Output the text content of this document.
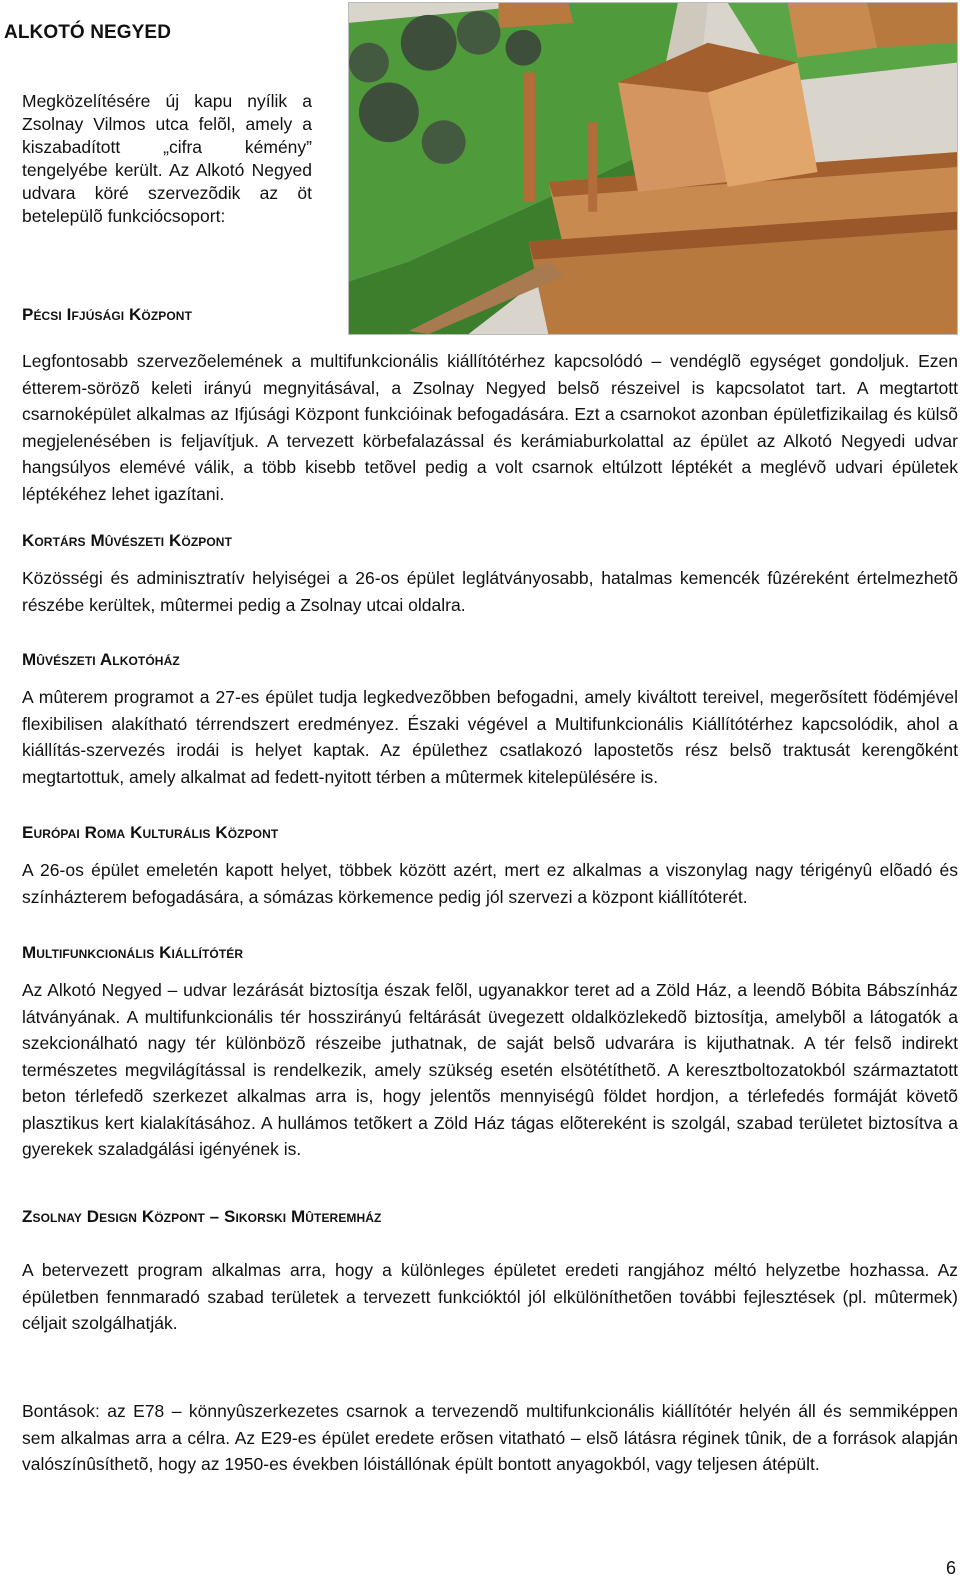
ALKOTÓ NEGYED
Megközelítésére új kapu nyílik a Zsolnay Vilmos utca felõl, amely a kiszabadított „cifra kémény” tengelyébe került. Az Alkotó Negyed udvara köré szervezõdik az öt betelepülõ funkciócsoport:
Pécsi Ifjúsági Központ

Legfontosabb szervezõelemének a multifunkcionális kiállítótérhez kapcsolódó – vendéglõ egységet gondoljuk. Ezen étterem-sörözõ keleti irányú megnyitásával, a Zsolnay Negyed belsõ részeivel is kapcsolatot tart. A megtartott csarnoképület alkalmas az Ifjúsági Központ funkcióinak befogadására. Ezt a csarnokot azonban épületfizikailag és külsõ megjelenésében is feljavítjuk. A tervezett körbefalazással és kerámiaburkolattal az épület az Alkotó Negyedi udvar hangsúlyos elemévé válik, a több kisebb tetõvel pedig a volt csarnok eltúlzott léptékét a meglévõ udvari épületek léptékéhez lehet igazítani.

Kortárs Mûvészeti Központ

Közösségi és adminisztratív helyiségei a 26-os épület leglátványosabb, hatalmas kemencék fûzéreként értelmezhetõ részébe kerültek, mûtermei pedig a Zsolnay utcai oldalra.

Mûvészeti Alkotóház

A mûterem programot a 27-es épület tudja legkedvezõbben befogadni, amely kiváltott tereivel, megerõsített födémjével flexibilisen alakítható térrendszert eredményez. Északi végével a Multifunkcionális Kiállítótérhez kapcsolódik, ahol a kiállítás-szervezés irodái is helyet kaptak. Az épülethez csatlakozó lapostetõs rész belsõ traktusát kerengõként megtartottuk, amely alkalmat ad fedett-nyitott térben a mûtermek kitelepülésére is.

Európai Roma Kulturális Központ

A 26-os épület emeletén kapott helyet, többek között azért, mert ez alkalmas a viszonylag nagy térigényû elõadó és színházterem befogadására, a sómázas körkemence pedig jól szervezi a központ kiállítóterét.

Multifunkcionális Kiállítótér

Az Alkotó Negyed – udvar lezárását biztosítja észak felõl, ugyanakkor teret ad a Zöld Ház, a leendõ Bóbita Bábszínház látványának. A multifunkcionális tér hosszirányú feltárását üvegezett oldalközlekedõ biztosítja, amelybõl a látogatók a szekcionálható nagy tér különbözõ részeibe juthatnak, de saját belsõ udvarára is kijuthatnak. A tér felsõ indirekt természetes megvilágítással is rendelkezik, amely szükség esetén elsötétíthetõ. A keresztboltozatokból származtatott beton térlefedõ szerkezet alkalmas arra is, hogy jelentõs mennyiségû földet hordjon, a térlefedés formáját követõ plasztikus kert kialakításához. A hullámos tetõkert a Zöld Ház tágas elõtereként is szolgál, szabad területet biztosítva a gyerekek szaladgálási igényének is.

Zsolnay Design Központ – Sikorski Mûteremház

A betervezett program alkalmas arra, hogy a különleges épületet eredeti rangjához méltó helyzetbe hozhassa. Az épületben fennmaradó szabad területek a tervezett funkcióktól jól elkülöníthetõen további fejlesztések (pl. mûtermek) céljait szolgálhatják.

Bontások: az E78 – könnyûszerkezetes csarnok a tervezendõ multifunkcionális kiállítótér helyén áll és semmiképpen sem alkalmas arra a célra. Az E29-es épület eredete erõsen vitatható – elsõ látásra réginek tûnik, de a források alapján valószínûsíthetõ, hogy az 1950-es években lóistállónak épült bontott anyagokból, vagy teljesen átépült.

6
